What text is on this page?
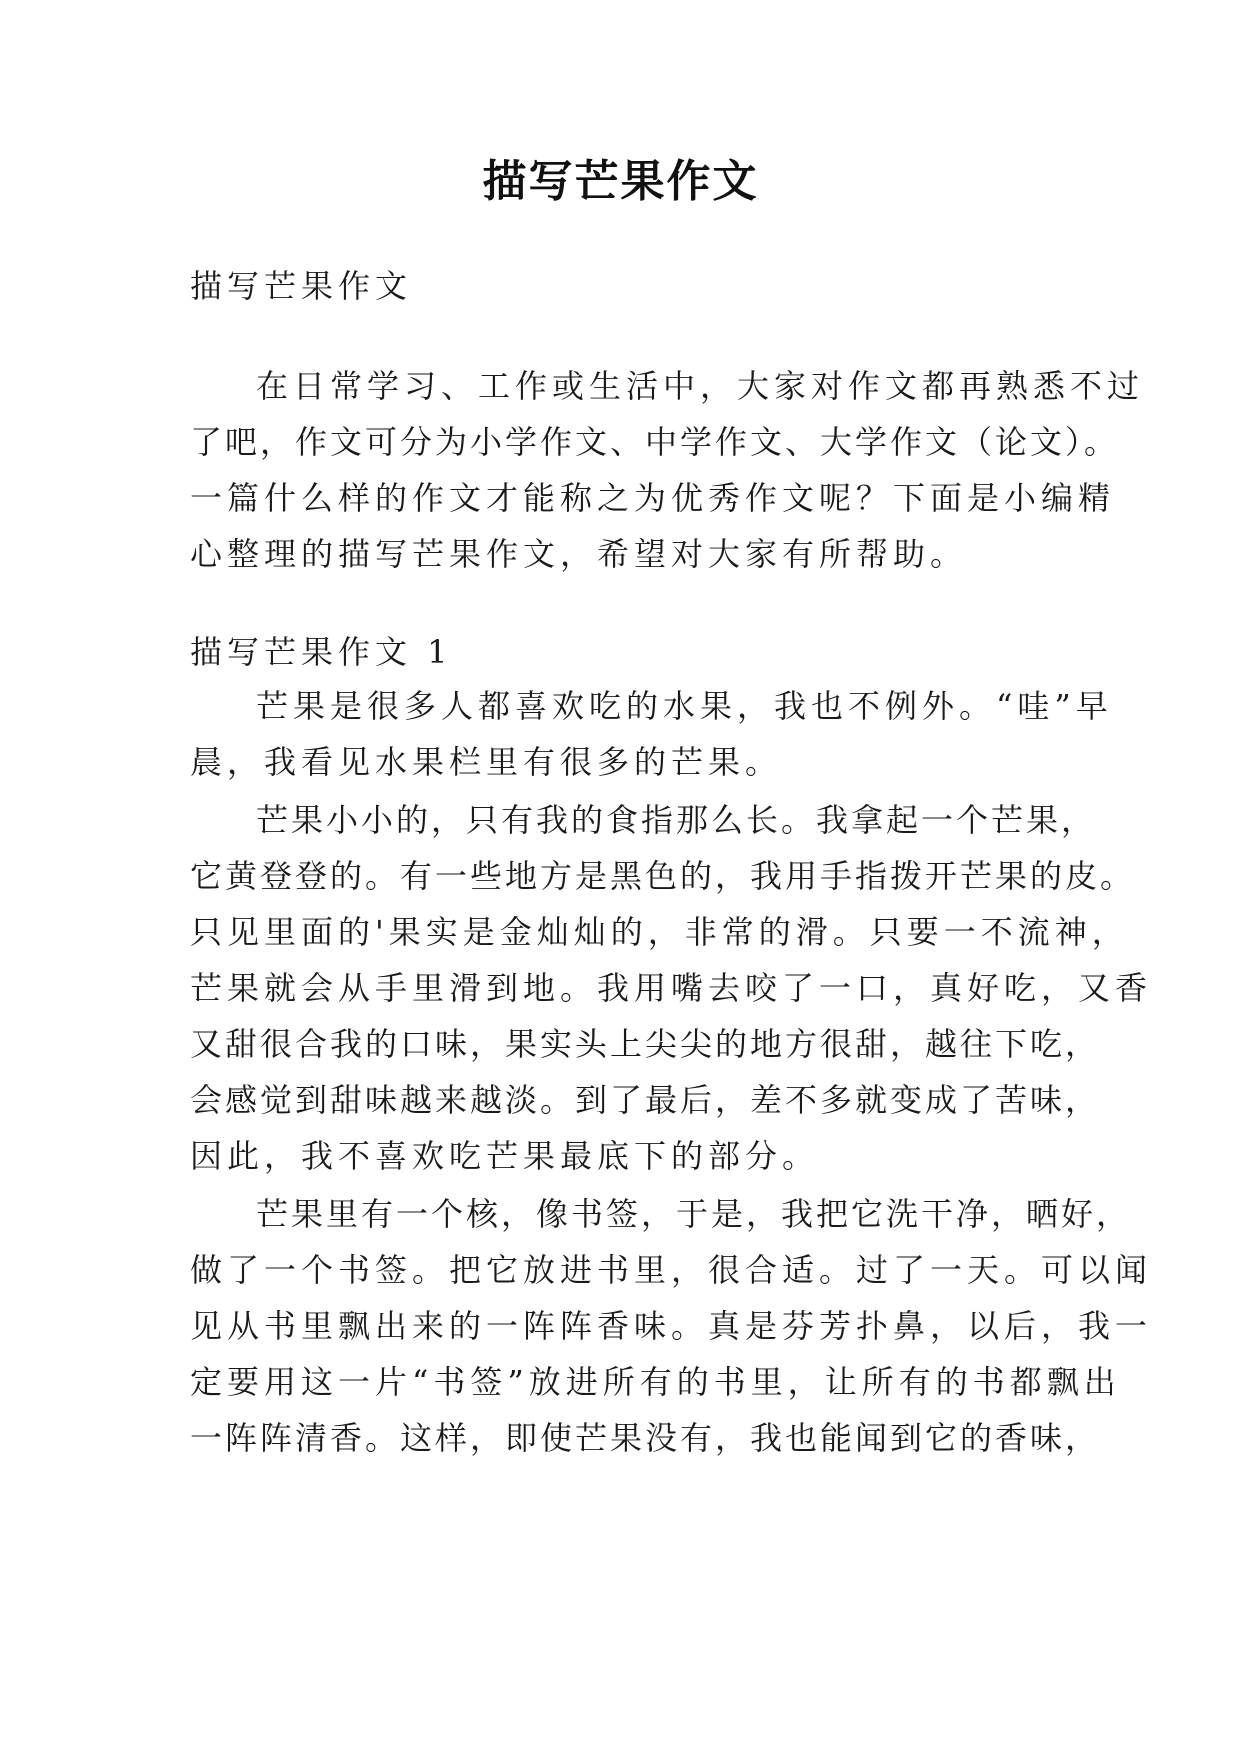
描写芒果作文

描写芒果作文

在日常学习、工作或生活中，大家对作文都再熟悉不过

了吧，作文可分为小学作文、中学作文、大学作文（论文）。

一篇什么样的作文才能称之为优秀作文呢？下面是小编精

心整理的描写芒果作文，希望对大家有所帮助。

描写芒果作文 1

芒果是很多人都喜欢吃的水果，我也不例外。“哇”早

晨，我看见水果栏里有很多的芒果。

芒果小小的，只有我的食指那么长。我拿起一个芒果，

它黄登登的。有一些地方是黑色的，我用手指拨开芒果的皮。

只见里面的'果实是金灿灿的，非常的滑。只要一不流神，

芒果就会从手里滑到地。我用嘴去咬了一口，真好吃，又香

又甜很合我的口味，果实头上尖尖的地方很甜，越往下吃，

会感觉到甜味越来越淡。到了最后，差不多就变成了苦味，

因此，我不喜欢吃芒果最底下的部分。

芒果里有一个核，像书签，于是，我把它洗干净，晒好，

做了一个书签。把它放进书里，很合适。过了一天。可以闻

见从书里飘出来的一阵阵香味。真是芬芳扑鼻，以后，我一

定要用这一片“书签”放进所有的书里，让所有的书都飘出

一阵阵清香。这样，即使芒果没有，我也能闻到它的香味，
